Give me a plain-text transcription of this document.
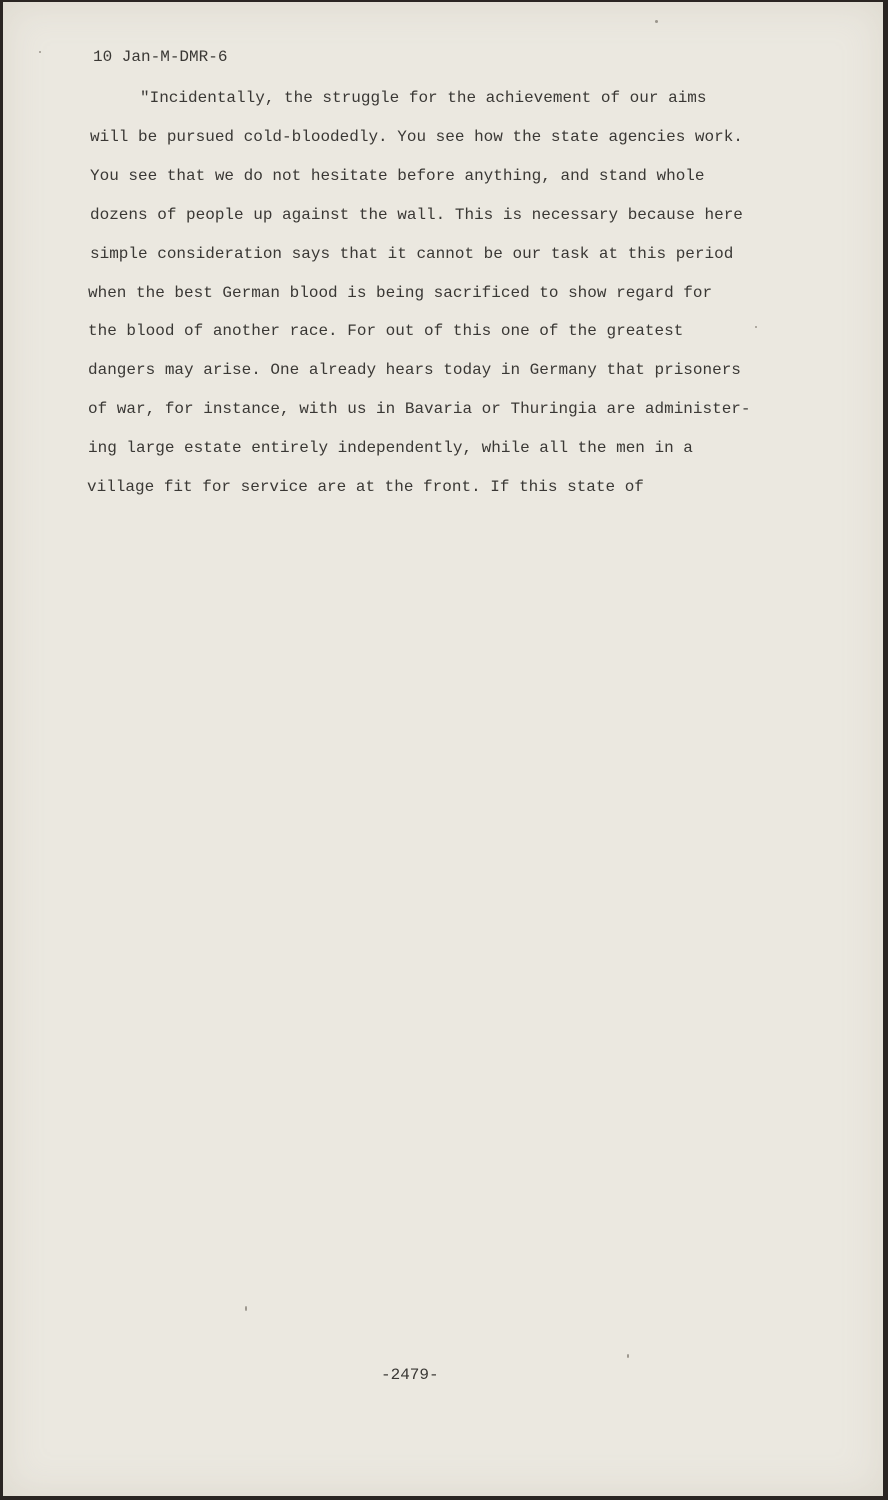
10 Jan-M-DMR-6
"Incidentally, the struggle for the achievement of our aims
will be pursued cold-bloodedly. You see how the state agencies work.
You see that we do not hesitate before anything, and stand whole
dozens of people up against the wall. This is necessary because here
simple consideration says that it cannot be our task at this period
when the best German blood is being sacrificed to show regard for
the blood of another race. For out of this one of the greatest
dangers may arise. One already hears today in Germany that prisoners
of war, for instance, with us in Bavaria or Thuringia are administer-
ing large estate entirely independently, while all the men in a
village fit for service are at the front. If this state of
-2479-
